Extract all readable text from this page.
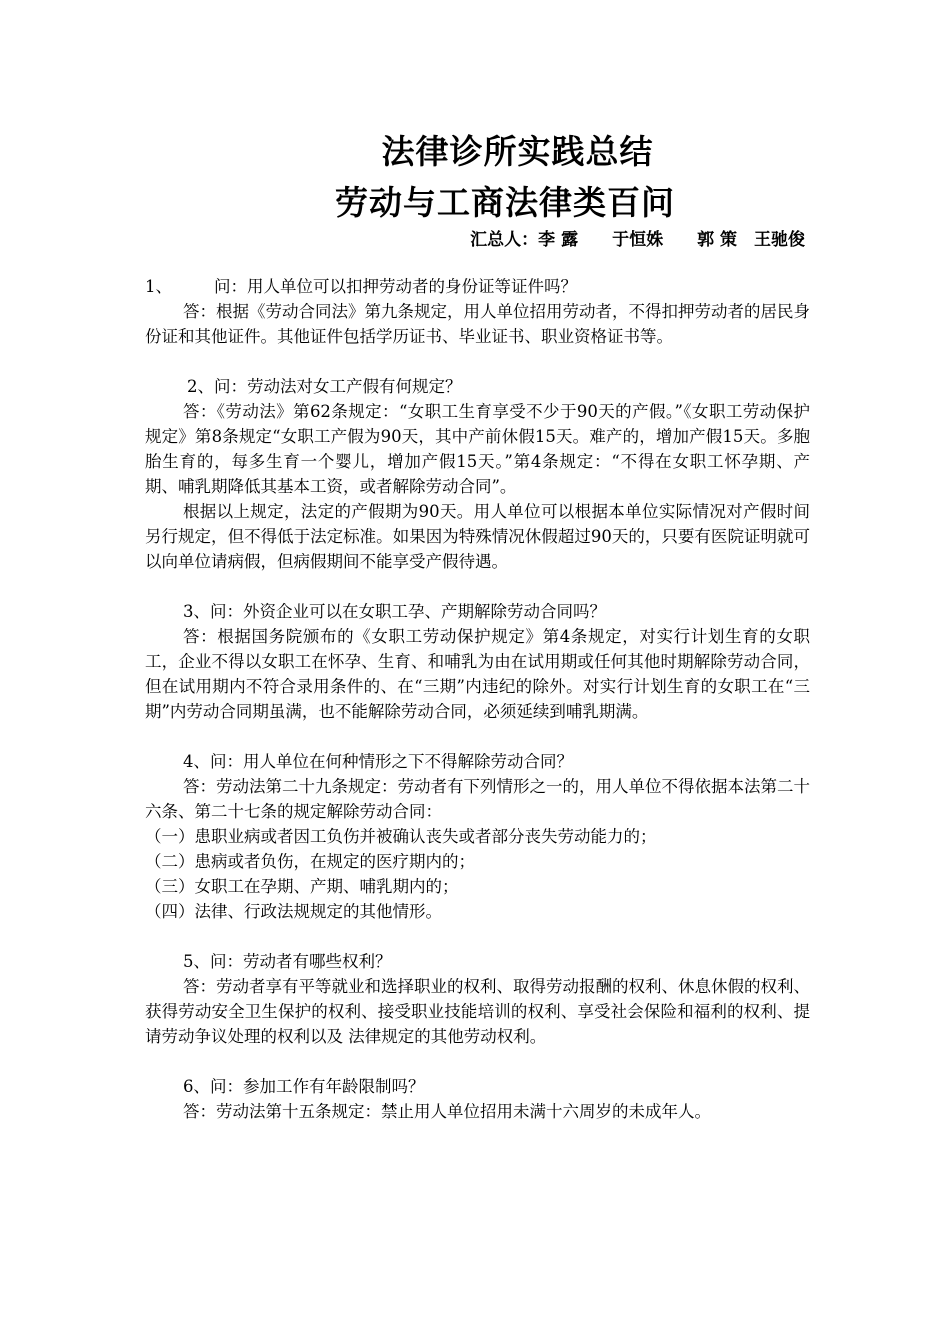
法律诊所实践总结
劳动与工商法律类百问
汇总人：李 露　　于恒姝　　郭 策　王驰俊

1、	问：用人单位可以扣押劳动者的身份证等证件吗？

答：根据《劳动合同法》第九条规定，用人单位招用劳动者，不得扣押劳动者的居民身份证和其他证件。其他证件包括学历证书、毕业证书、职业资格证书等。

2、问：劳动法对女工产假有何规定？

答：《劳动法》第62条规定：“女职工生育享受不少于90天的产假。”《女职工劳动保护规定》第8条规定“女职工产假为90天，其中产前休假15天。难产的，增加产假15天。多胞胎生育的，每多生育一个婴儿，增加产假15天。”第4条规定：“不得在女职工怀孕期、产期、哺乳期降低其基本工资，或者解除劳动合同”。

根据以上规定，法定的产假期为90天。用人单位可以根据本单位实际情况对产假时间另行规定，但不得低于法定标准。如果因为特殊情况休假超过90天的，只要有医院证明就可以向单位请病假，但病假期间不能享受产假待遇。

3、问：外资企业可以在女职工孕、产期解除劳动合同吗？

答：根据国务院颁布的《女职工劳动保护规定》第4条规定，对实行计划生育的女职工，企业不得以女职工在怀孕、生育、和哺乳为由在试用期或任何其他时期解除劳动合同，但在试用期内不符合录用条件的、在“三期”内违纪的除外。对实行计划生育的女职工在“三期”内劳动合同期虽满，也不能解除劳动合同，必须延续到哺乳期满。

4、问：用人单位在何种情形之下不得解除劳动合同？

答：劳动法第二十九条规定：劳动者有下列情形之一的，用人单位不得依据本法第二十六条、第二十七条的规定解除劳动合同：

（一）患职业病或者因工负伤并被确认丧失或者部分丧失劳动能力的；

（二）患病或者负伤，在规定的医疗期内的；

（三）女职工在孕期、产期、哺乳期内的；

（四）法律、行政法规规定的其他情形。

5、问：劳动者有哪些权利？

答：劳动者享有平等就业和选择职业的权利、取得劳动报酬的权利、休息休假的权利、获得劳动安全卫生保护的权利、接受职业技能培训的权利、享受社会保险和福利的权利、提请劳动争议处理的权利以及 法律规定的其他劳动权利。

6、问：参加工作有年龄限制吗？

答：劳动法第十五条规定：禁止用人单位招用未满十六周岁的未成年人。
